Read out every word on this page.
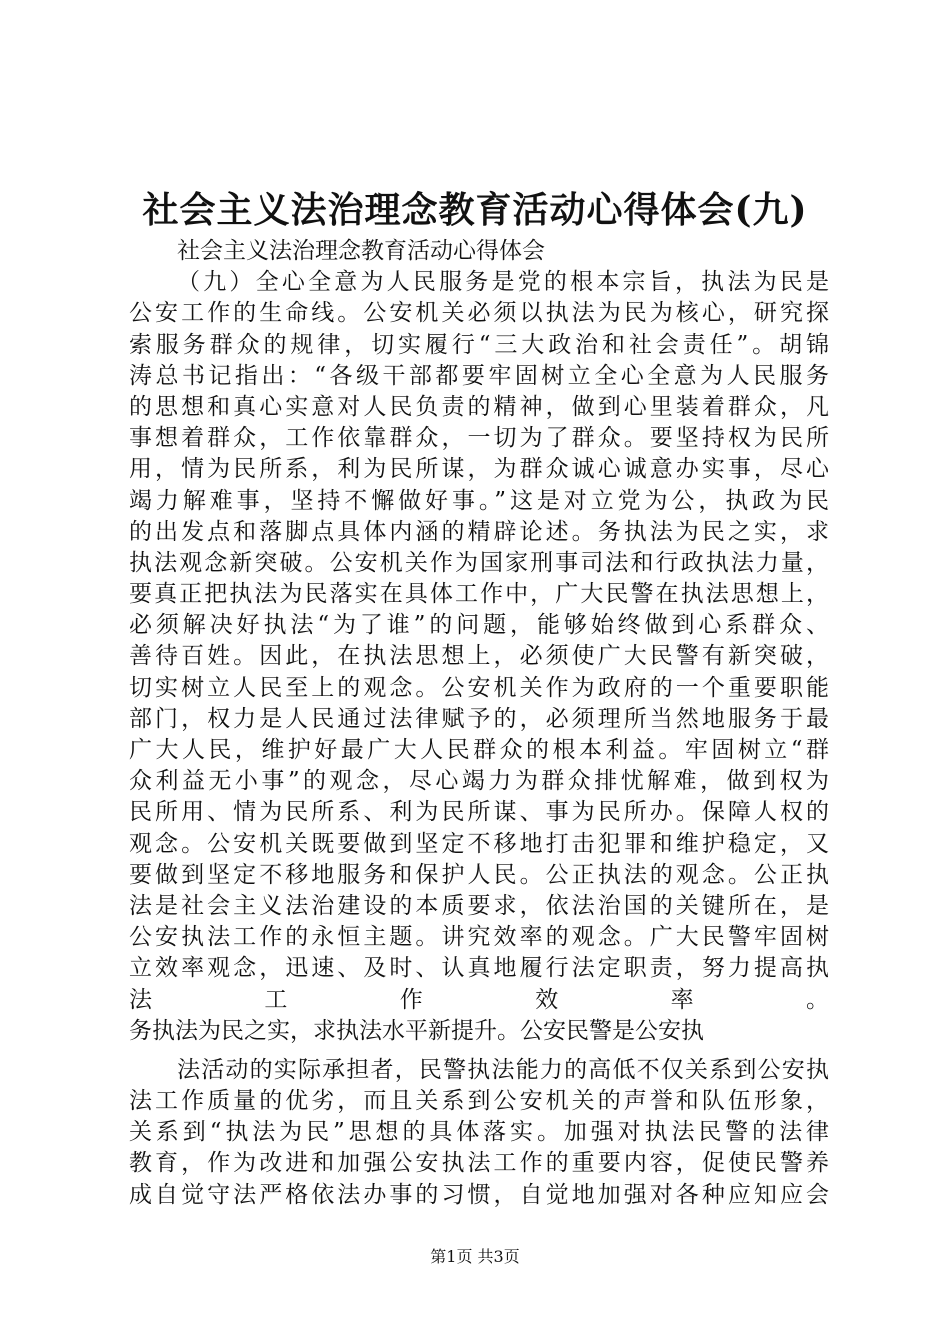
社会主义法治理念教育活动心得体会(九)
社会主义法治理念教育活动心得体会
（九）全心全意为人民服务是党的根本宗旨，执法为民是
公安工作的生命线。公安机关必须以执法为民为核心，研究探
索服务群众的规律，切实履行“三大政治和社会责任”。胡锦
涛总书记指出：“各级干部都要牢固树立全心全意为人民服务
的思想和真心实意对人民负责的精神，做到心里装着群众，凡
事想着群众，工作依靠群众，一切为了群众。要坚持权为民所
用，情为民所系，利为民所谋，为群众诚心诚意办实事，尽心
竭力解难事，坚持不懈做好事。”这是对立党为公，执政为民
的出发点和落脚点具体内涵的精辟论述。务执法为民之实，求
执法观念新突破。公安机关作为国家刑事司法和行政执法力量，
要真正把执法为民落实在具体工作中，广大民警在执法思想上，
必须解决好执法“为了谁”的问题，能够始终做到心系群众、
善待百姓。因此，在执法思想上，必须使广大民警有新突破，
切实树立人民至上的观念。公安机关作为政府的一个重要职能
部门，权力是人民通过法律赋予的，必须理所当然地服务于最
广大人民，维护好最广大人民群众的根本利益。牢固树立“群
众利益无小事”的观念，尽心竭力为群众排忧解难，做到权为
民所用、情为民所系、利为民所谋、事为民所办。保障人权的
观念。公安机关既要做到坚定不移地打击犯罪和维护稳定，又
要做到坚定不移地服务和保护人民。公正执法的观念。公正执
法是社会主义法治建设的本质要求，依法治国的关键所在，是
公安执法工作的永恒主题。讲究效率的观念。广大民警牢固树
立效率观念，迅速、及时、认真地履行法定职责，努力提高执
法工作效率。
务执法为民之实，求执法水平新提升。公安民警是公安执
法活动的实际承担者，民警执法能力的高低不仅关系到公安执
法工作质量的优劣，而且关系到公安机关的声誉和队伍形象，
关系到“执法为民”思想的具体落实。加强对执法民警的法律
教育，作为改进和加强公安执法工作的重要内容，促使民警养
成自觉守法严格依法办事的习惯，自觉地加强对各种应知应会
第1页 共3页
